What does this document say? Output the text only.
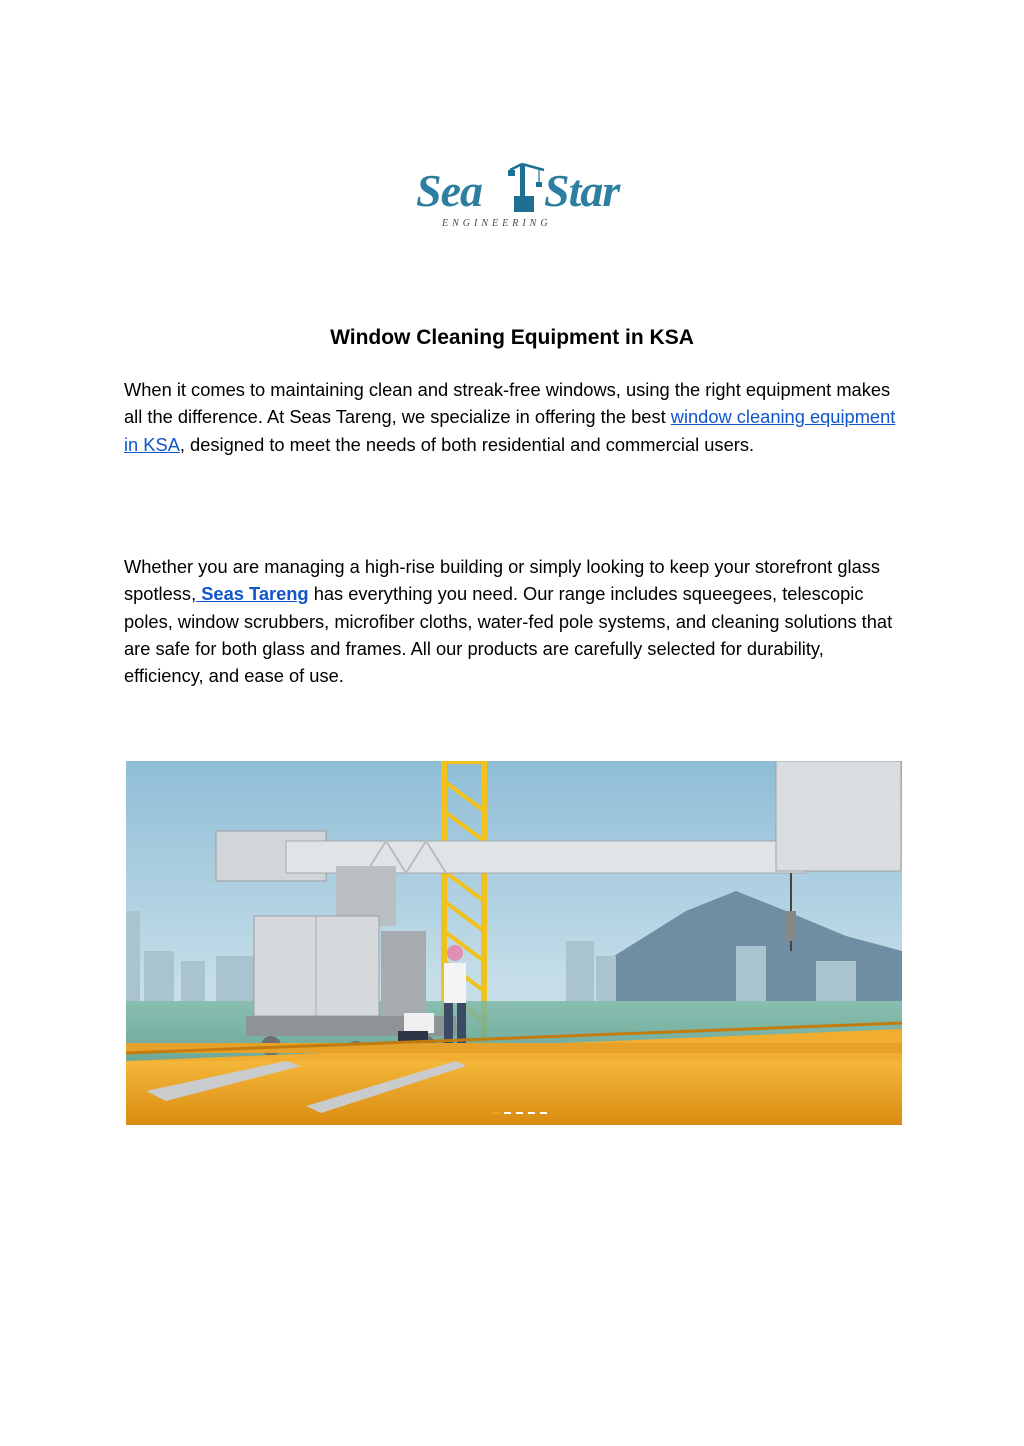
Sea Star
ENGINEERING
Window Cleaning Equipment in KSA

When it comes to maintaining clean and streak-free windows, using the right equipment makes all the difference. At Seas Tareng, we specialize in offering the best window cleaning equipment in KSA, designed to meet the needs of both residential and commercial users.

Whether you are managing a high-rise building or simply looking to keep your storefront glass spotless, Seas Tareng has everything you need. Our range includes squeegees, telescopic poles, window scrubbers, microfiber cloths, water-fed pole systems, and cleaning solutions that are safe for both glass and frames. All our products are carefully selected for durability, efficiency, and ease of use.
